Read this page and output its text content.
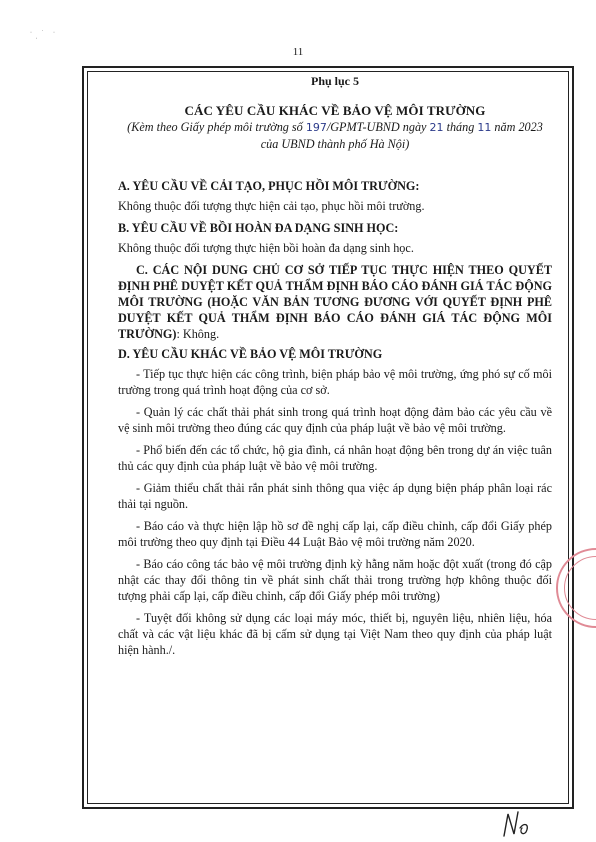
· ˙ ·
·
11

Phụ lục 5

CÁC YÊU CẦU KHÁC VỀ BẢO VỆ MÔI TRƯỜNG

(Kèm theo Giấy phép môi trường số 197/GPMT-UBND ngày 21 tháng 11 năm 2023

của UBND thành phố Hà Nội)

A. YÊU CẦU VỀ CẢI TẠO, PHỤC HỒI MÔI TRƯỜNG:

Không thuộc đối tượng thực hiện cải tạo, phục hồi môi trường.

B. YÊU CẦU VỀ BỒI HOÀN ĐA DẠNG SINH HỌC:

Không thuộc đối tượng thực hiện bồi hoàn đa dạng sinh học.

C. CÁC NỘI DUNG CHỦ CƠ SỞ TIẾP TỤC THỰC HIỆN THEO QUYẾT ĐỊNH PHÊ DUYỆT KẾT QUẢ THẨM ĐỊNH BÁO CÁO ĐÁNH GIÁ TÁC ĐỘNG MÔI TRƯỜNG (HOẶC VĂN BẢN TƯƠNG ĐƯƠNG VỚI QUYẾT ĐỊNH PHÊ DUYỆT KẾT QUẢ THẨM ĐỊNH BÁO CÁO ĐÁNH GIÁ TÁC ĐỘNG MÔI TRƯỜNG): Không.

D. YÊU CẦU KHÁC VỀ BẢO VỆ MÔI TRƯỜNG

- Tiếp tục thực hiện các công trình, biện pháp bảo vệ môi trường, ứng phó sự cố môi trường trong quá trình hoạt động của cơ sở.

- Quản lý các chất thải phát sinh trong quá trình hoạt động đảm bảo các yêu cầu về vệ sinh môi trường theo đúng các quy định của pháp luật về bảo vệ môi trường.

- Phổ biến đến các tổ chức, hộ gia đình, cá nhân hoạt động bên trong dự án việc tuân thủ các quy định của pháp luật về bảo vệ môi trường.

- Giảm thiểu chất thải rắn phát sinh thông qua việc áp dụng biện pháp phân loại rác thải tại nguồn.

- Báo cáo và thực hiện lập hồ sơ đề nghị cấp lại, cấp điều chỉnh, cấp đổi Giấy phép môi trường theo quy định tại Điều 44 Luật Bảo vệ môi trường năm 2020.

- Báo cáo công tác bảo vệ môi trường định kỳ hằng năm hoặc đột xuất (trong đó cập nhật các thay đổi thông tin về phát sinh chất thải trong trường hợp không thuộc đối tượng phải cấp lại, cấp điều chỉnh, cấp đổi Giấy phép môi trường)

- Tuyệt đối không sử dụng các loại máy móc, thiết bị, nguyên liệu, nhiên liệu, hóa chất và các vật liệu khác đã bị cấm sử dụng tại Việt Nam theo quy định của pháp luật hiện hành./.
